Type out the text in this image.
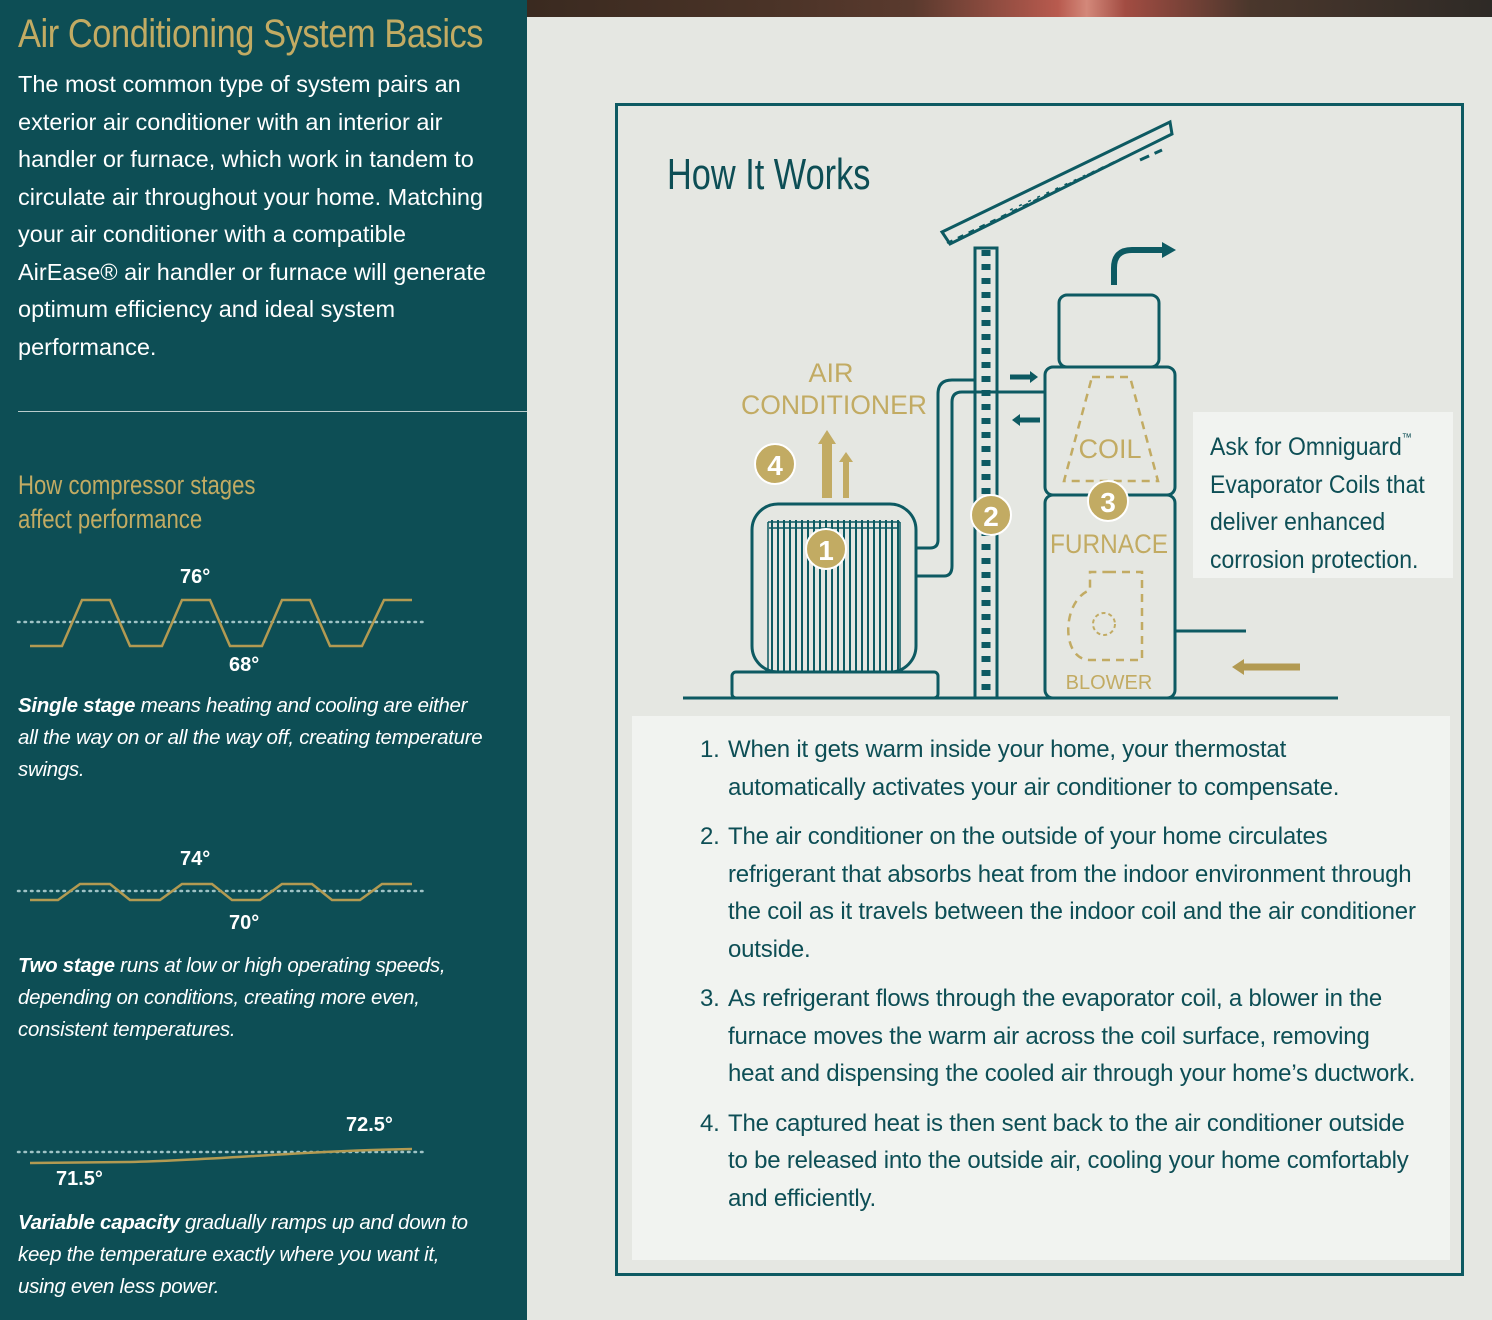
Air Conditioning System Basics

The most common type of system pairs an exterior air conditioner with an interior air handler or furnace, which work in tandem to circulate air throughout your home. Matching your air conditioner with a compatible AirEase® air handler or furnace will generate optimum efficiency and ideal system performance.

How compressor stages
affect performance
76°
68°

Single stage means heating and cooling are either all the way on or all the way off, creating temperature swings.

74°
70°

Two stage runs at low or high operating speeds, depending on conditions, creating more even, consistent temperatures.

72.5°
71.5°

Variable capacity gradually ramps up and down to keep the temperature exactly where you want it, using even less power.

How It Works
1
2	3
4
AIR
CONDITIONER
COIL
FURNACE
BLOWER

Ask for Omniguard™

Evaporator Coils that

deliver enhanced

corrosion protection.

1. When it gets warm inside your home, your thermostat automatically activates your air conditioner to compensate.
2. The air conditioner on the outside of your home circulates refrigerant that absorbs heat from the indoor environment through the coil as it travels between the indoor coil and the air conditioner outside.
3. As refrigerant flows through the evaporator coil, a blower in the furnace moves the warm air across the coil surface, removing heat and dispensing the cooled air through your home’s ductwork.
4. The captured heat is then sent back to the air conditioner outside to be released into the outside air, cooling your home comfortably and efficiently.
